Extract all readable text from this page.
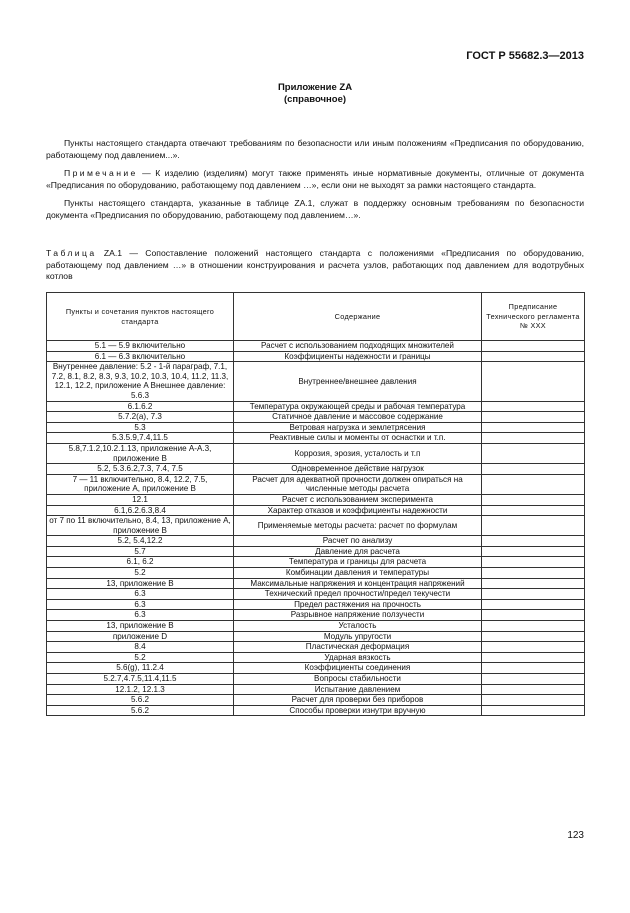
ГОСТ Р 55682.3—2013
Приложение ZA
(справочное)

Пункты настоящего стандарта отвечают требованиям по безопасности или иным положениям «Предписания по оборудованию, работающему под давлением...».

Примечание — К изделию (изделиям) могут также применять иные нормативные документы, отличные от документа «Предписания по оборудованию, работающему под давлением …», если они не выходят за рамки настоящего стандарта.

Пункты настоящего стандарта, указанные в таблице ZA.1, служат в поддержку основным требованиям по безопасности документа «Предписания по оборудованию, работающему под давлением…».

Таблица ZA.1 — Сопоставление положений настоящего стандарта с положениями «Предписания по оборудованию, работающему под давлением …» в отношении конструирования и расчета узлов, работающих под давлением для водотрубных котлов

Пункты и сочетания пунктов настоящего стандарта	Содержание	Предписание Технического регламента № XXX
5.1 — 5.9 включительно	Расчет с использованием подходящих множителей	
6.1 — 6.3 включительно	Коэффициенты надежности и границы	
Внутреннее давление: 5.2 - 1-й параграф, 7.1, 7.2, 8.1, 8.2, 8.3, 9.3, 10.2, 10.3, 10.4, 11.2, 11.3, 12.1, 12.2, приложение A Внешнее давление: 5.6.3	Внутреннее/внешнее давления	
6.1.6.2	Температура окружающей среды и рабочая температура	
5.7.2(a), 7.3	Статичное давление и массовое содержание	
5.3	Ветровая нагрузка и землетрясения	
5.3.5.9,7.4,11.5	Реактивные силы и моменты от оснастки и т.п.	
5.8,7.1.2,10.2.1.13, приложение A-A.3, приложение B	Коррозия, эрозия, усталость и т.п	
5.2, 5.3.6.2,7.3, 7.4, 7.5	Одновременное действие нагрузок	
7 — 11 включительно, 8.4, 12.2, 7.5, приложение A, приложение B	Расчет для адекватной прочности должен опираться на численные методы расчета	
12.1	Расчет с использованием эксперимента	
6.1,6.2.6.3,8.4	Характер отказов и коэффициенты надежности	
от 7 по 11 включительно, 8.4, 13, приложение A, приложение B	Применяемые методы расчета: расчет по формулам	
5.2, 5.4,12.2	Расчет по анализу	
5.7	Давление для расчета	
6.1, 6.2	Температура и границы для расчета	
5.2	Комбинации давления и температуры	
13, приложение B	Максимальные напряжения и концентрация напряжений	
6.3	Технический предел прочности/предел текучести	
6.3	Предел растяжения на прочность	
6.3	Разрывное напряжение ползучести	
13, приложение B	Усталость	
приложение D	Модуль упругости	
8.4	Пластическая деформация	
5.2	Ударная вязкость	
5.6(g), 11.2.4	Коэффициенты соединения	
5.2.7,4.7.5,11.4,11.5	Вопросы стабильности	
12.1.2, 12.1.3	Испытание давлением	
5.6.2	Расчет для проверки без приборов	
5.6.2	Способы проверки изнутри вручную	
123
